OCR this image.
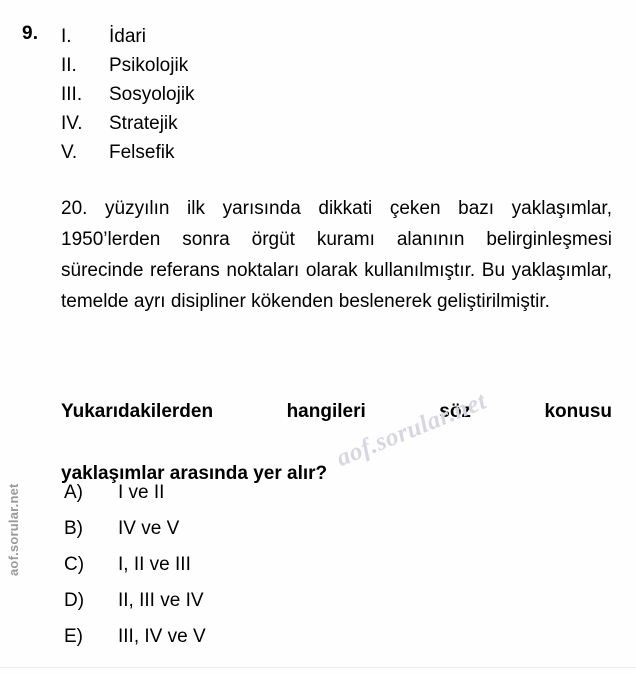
9. I.	İdari
II.	Psikolojik
III.	Sosyolojik
IV.	Stratejik
V.	Felsefik
20. yüzyılın ilk yarısında dikkati çeken bazı yaklaşımlar, 1950’lerden sonra örgüt kuramı alanının belirginleşmesi sürecinde referans noktaları olarak kullanılmıştır. Bu yaklaşımlar, temelde ayrı disipliner kökenden beslenerek geliştirilmiştir.
Yukarıdakilerden hangileri söz konusu
yaklaşımlar arasında yer alır?
A)	I ve II
B)	IV ve V
C)	I, II ve III
D)	II, III ve IV
E)	III, IV ve V
aof.sorular.net
aof.sorular.net
